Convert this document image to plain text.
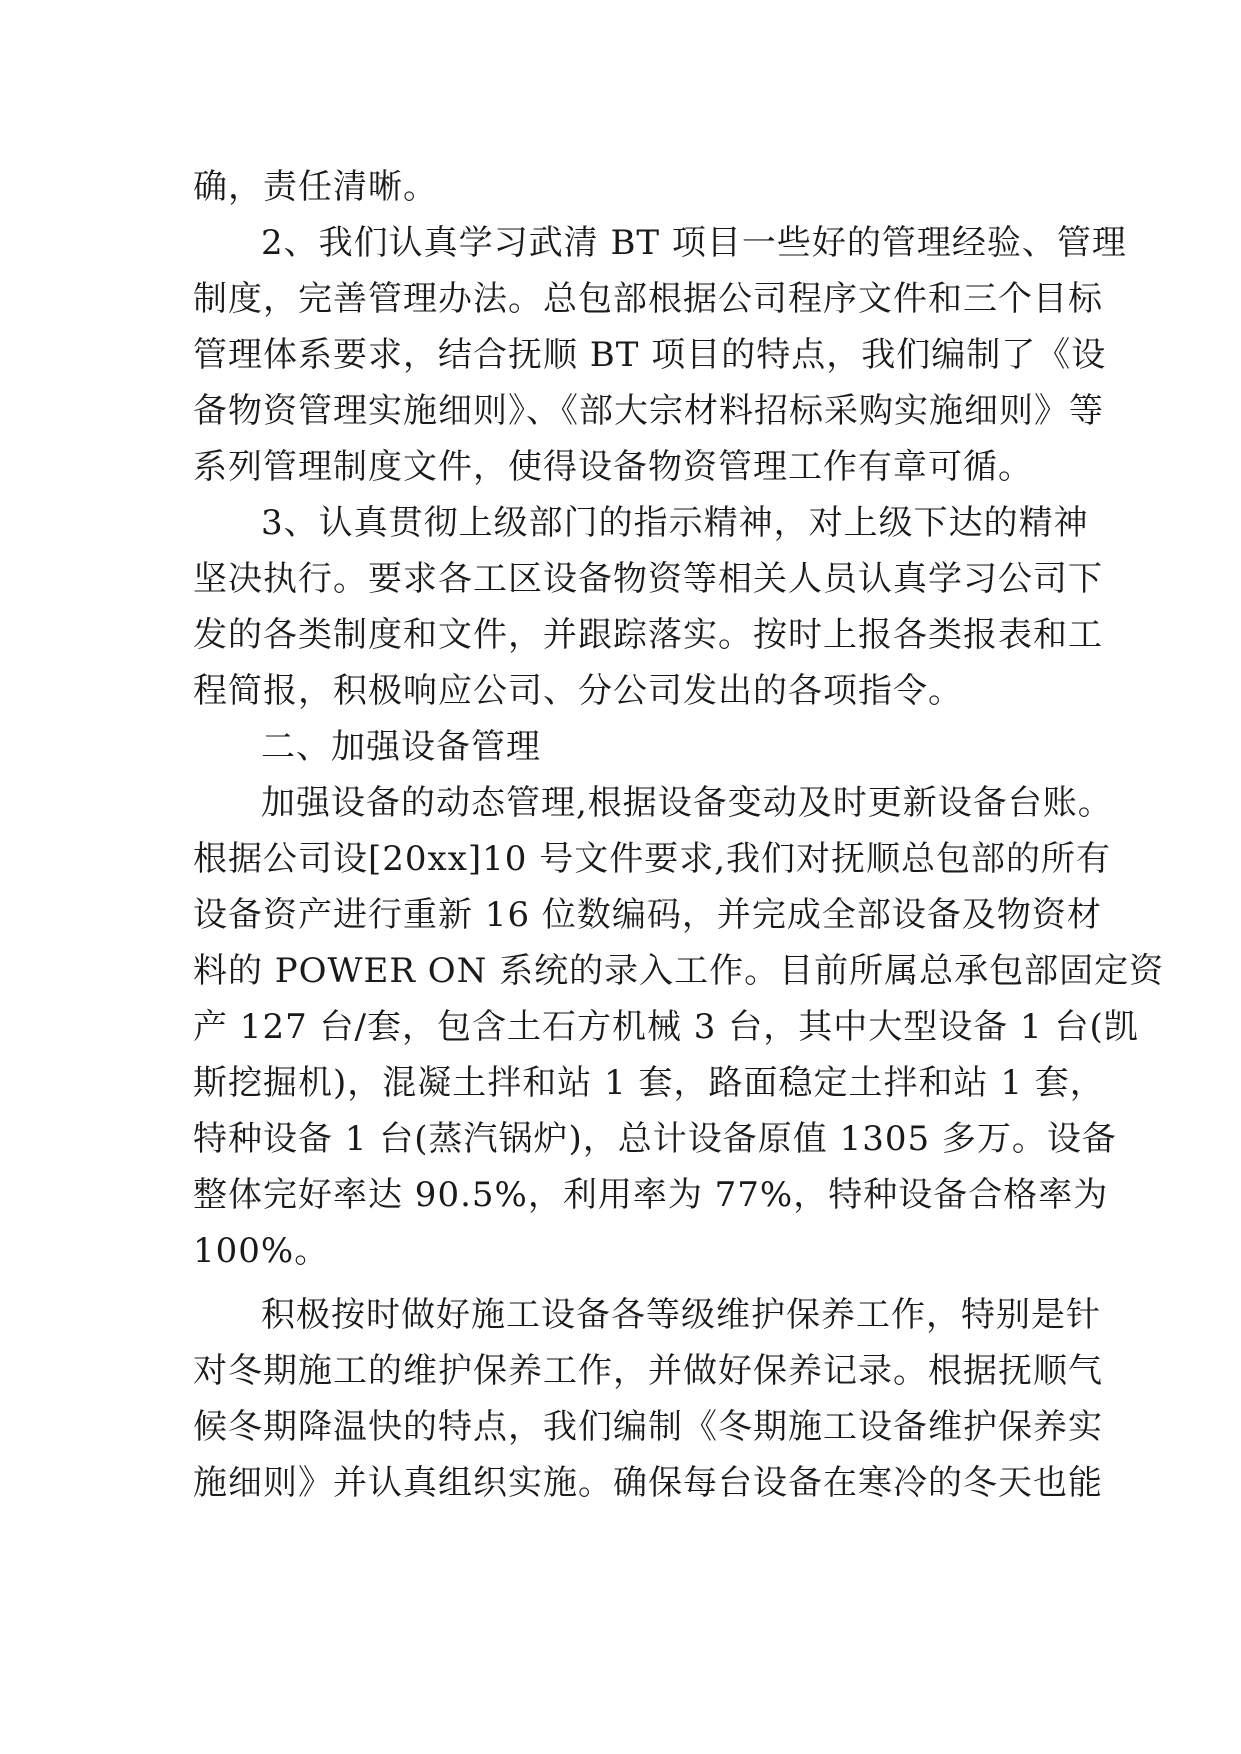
确，责任清晰。
2、我们认真学习武清 BT 项目一些好的管理经验、管理
制度，完善管理办法。总包部根据公司程序文件和三个目标
管理体系要求，结合抚顺 BT 项目的特点，我们编制了《设
备物资管理实施细则》、《部大宗材料招标采购实施细则》等
系列管理制度文件，使得设备物资管理工作有章可循。
3、认真贯彻上级部门的指示精神，对上级下达的精神
坚决执行。要求各工区设备物资等相关人员认真学习公司下
发的各类制度和文件，并跟踪落实。按时上报各类报表和工
程简报，积极响应公司、分公司发出的各项指令。
二、加强设备管理
加强设备的动态管理,根据设备变动及时更新设备台账。
根据公司设[20xx]10 号文件要求,我们对抚顺总包部的所有
设备资产进行重新 16 位数编码，并完成全部设备及物资材
料的 POWER ON 系统的录入工作。目前所属总承包部固定资
产 127 台/套，包含土石方机械 3 台，其中大型设备 1 台(凯
斯挖掘机)，混凝土拌和站 1 套，路面稳定土拌和站 1 套，
特种设备 1 台(蒸汽锅炉)，总计设备原值 1305 多万。设备
整体完好率达 90.5%，利用率为 77%，特种设备合格率为
100%。
积极按时做好施工设备各等级维护保养工作，特别是针
对冬期施工的维护保养工作，并做好保养记录。根据抚顺气
候冬期降温快的特点，我们编制《冬期施工设备维护保养实
施细则》并认真组织实施。确保每台设备在寒冷的冬天也能
